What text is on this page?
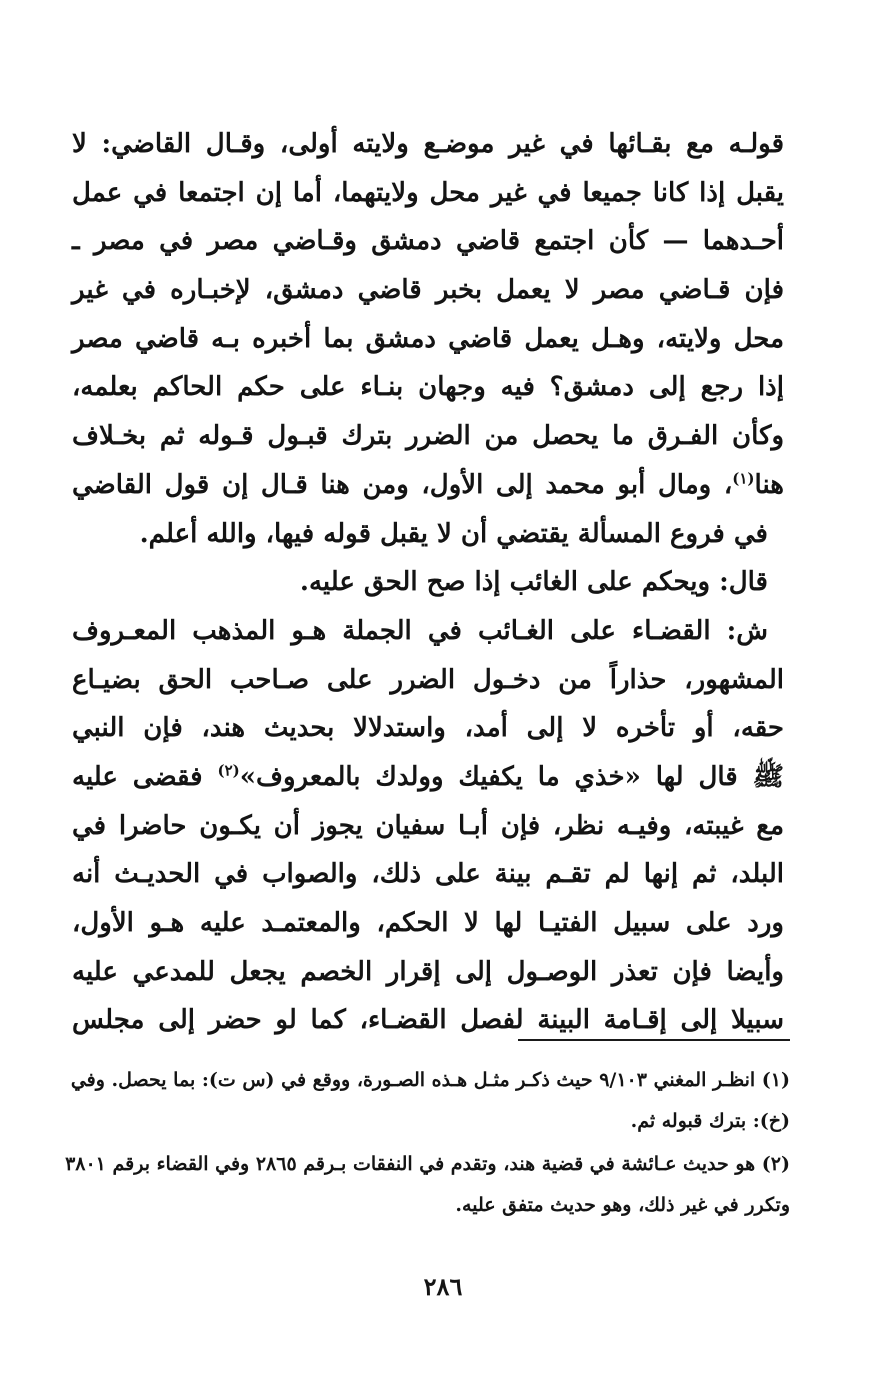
قولـه مع بقـائها في غير موضـع ولايته أولى، وقـال القاضي: لا
يقبل إذا كانا جميعا في غير محل ولايتهما، أما إن اجتمعا في عمل
أحـدهما — كأن اجتمع قاضي دمشق وقـاضي مصر في مصر ـ
فإن قـاضي مصر لا يعمل بخبر قاضي دمشق، لإخبـاره في غير
محل ولايته، وهـل يعمل قاضي دمشق بما أخبره بـه قاضي مصر
إذا رجع إلى دمشق؟ فيه وجهان بنـاء على حكم الحاكم بعلمه،
وكأن الفـرق ما يحصل من الضرر بترك قبـول قـوله ثم بخـلاف
هنا$^{(١)}$، ومال أبو محمد إلى الأول، ومن هنا قـال إن قول القاضي
في فروع المسألة يقتضي أن لا يقبل قوله فيها، والله أعلم.
قال: ويحكم على الغائب إذا صح الحق عليه.
ش: القضـاء على الغـائب في الجملة هـو المذهب المعـروف
المشهور، حذاراً من دخـول الضرر على صـاحب الحق بضيـاع
حقه، أو تأخره لا إلى أمد، واستدلالا بحديث هند، فإن النبي
ﷺ قال لها «خذي ما يكفيك وولدك بالمعروف»$^{(٢)}$ فقضى عليه
مع غيبته، وفيـه نظر، فإن أبـا سفيان يجوز أن يكـون حاضرا في
البلد، ثم إنها لم تقـم بينة على ذلك، والصواب في الحديـث أنه
ورد على سبيل الفتيـا لها لا الحكم، والمعتمـد عليه هـو الأول،
وأيضا فإن تعذر الوصـول إلى إقرار الخصم يجعل للمدعي عليه
سبيلا إلى إقـامة البينة لفصل القضـاء، كما لو حضر إلى مجلس
(١) انظـر المغني ٩/١٠٣ حيث ذكـر مثـل هـذه الصـورة، ووقع في (س ت): بما يحصل. وفي
(خ): بترك قبوله ثم.
(٢) هو حديث عـائشة في قضية هند، وتقدم في النفقات بـرقم ٢٨٦٥ وفي القضاء برقم ٣٨٠١
وتكرر في غير ذلك، وهو حديث متفق عليه.
٢٨٦
